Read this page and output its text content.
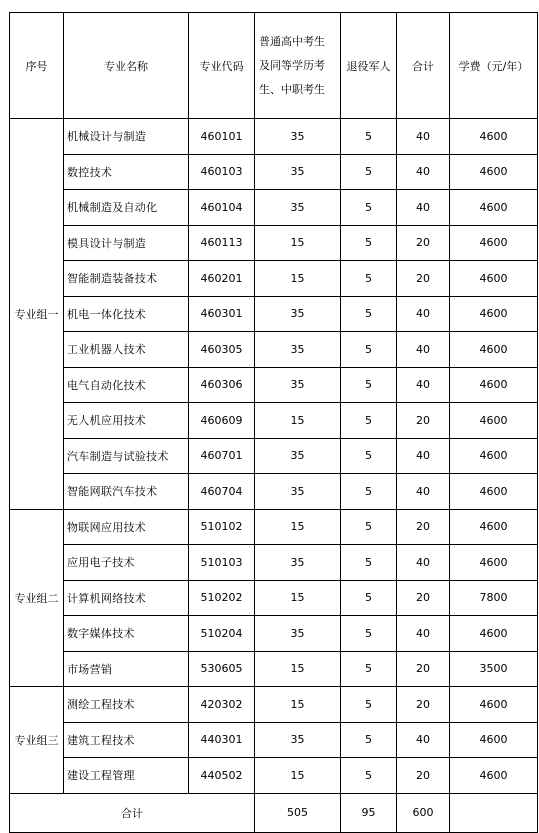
序号	专业名称	专业代码	普通高中考生
及同等学历考
生、中职考生	退役军人	合计	学费（元/年）
专业组一	机械设计与制造	460101	35	5	40	4600
	数控技术	460103	35	5	40	4600
	机械制造及自动化	460104	35	5	40	4600
	模具设计与制造	460113	15	5	20	4600
	智能制造装备技术	460201	15	5	20	4600
	机电一体化技术	460301	35	5	40	4600
	工业机器人技术	460305	35	5	40	4600
	电气自动化技术	460306	35	5	40	4600
	无人机应用技术	460609	15	5	20	4600
	汽车制造与试验技术	460701	35	5	40	4600
	智能网联汽车技术	460704	35	5	40	4600
专业组二	物联网应用技术	510102	15	5	20	4600
	应用电子技术	510103	35	5	40	4600
	计算机网络技术	510202	15	5	20	7800
	数字媒体技术	510204	35	5	40	4600
	市场营销	530605	15	5	20	3500
专业组三	测绘工程技术	420302	15	5	20	4600
	建筑工程技术	440301	35	5	40	4600
	建设工程管理	440502	15	5	20	4600
合计			505	95	600	
